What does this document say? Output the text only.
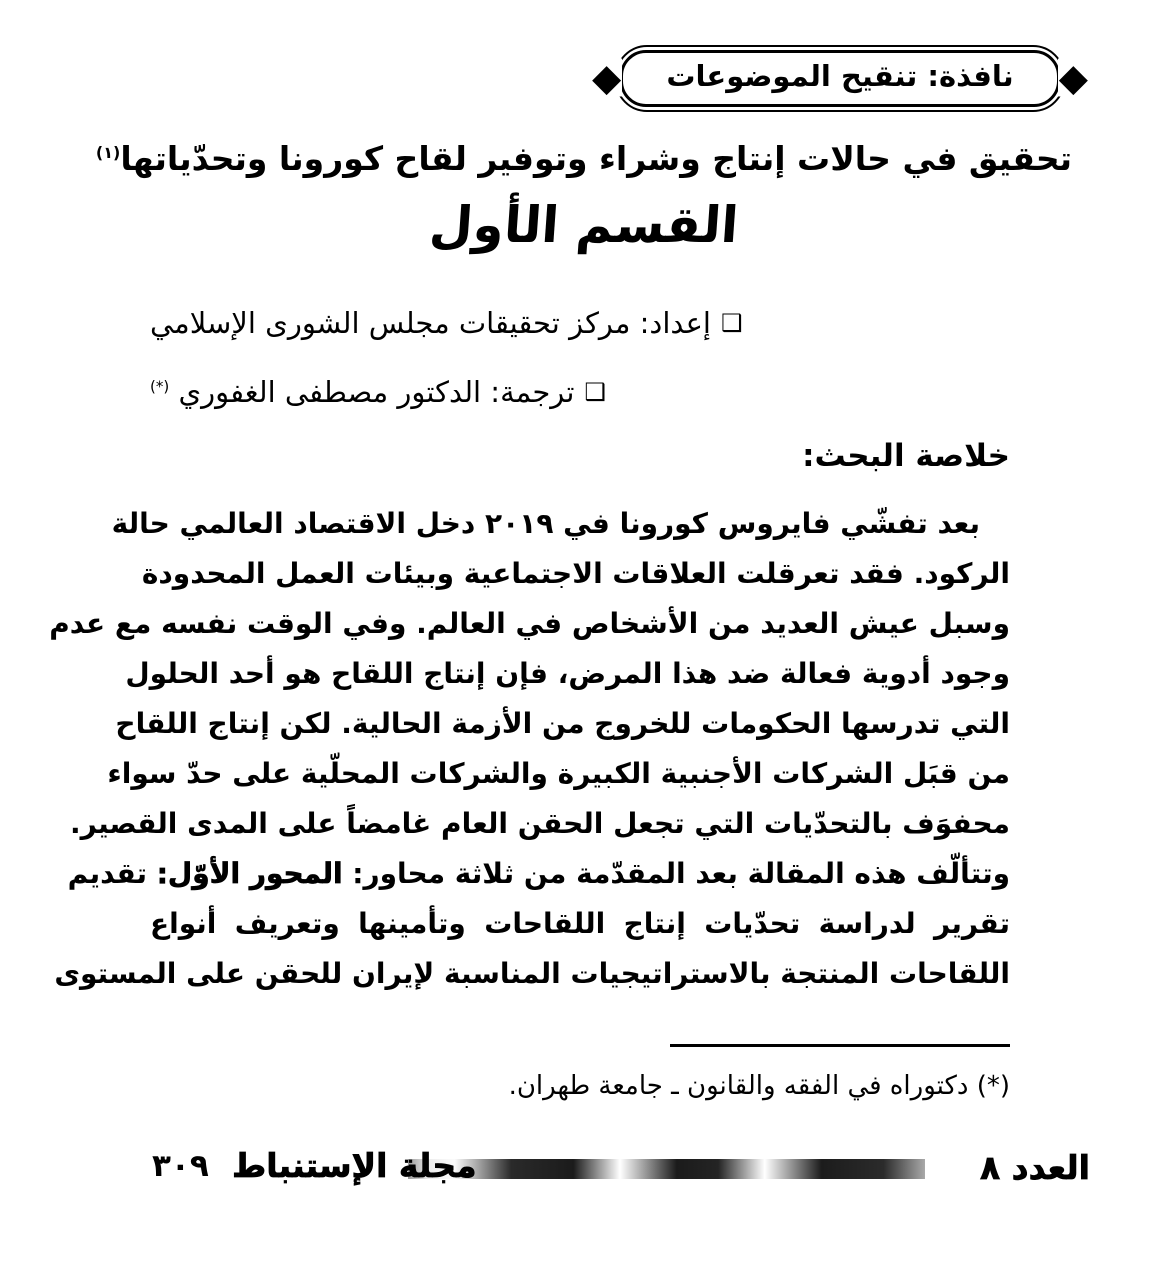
نافذة: تنقيح الموضوعات ◆
◆
تحقيق في حالات إنتاج وشراء وتوفير لقاح كورونا وتحدّياتها$^{(١)}$
القسم الأول
❑إعداد: مركز تحقيقات مجلس الشورى الإسلامي
❑ترجمة: الدكتور مصطفى الغفوري (*)
خلاصة البحث:
بعد تفشّي فايروس كورونا في ٢٠١٩ دخل الاقتصاد العالمي حالة
الركود. فقد تعرقلت العلاقات الاجتماعية وبيئات العمل المحدودة
وسبل عيش العديد من الأشخاص في العالم. وفي الوقت نفسه مع عدم
وجود أدوية فعالة ضد هذا المرض، فإن إنتاج اللقاح هو أحد الحلول
التي تدرسها الحكومات للخروج من الأزمة الحالية. لكن إنتاج اللقاح
من قبَل الشركات الأجنبية الكبيرة والشركات المحلّية على حدّ سواء
محفوَف بالتحدّيات التي تجعل الحقن العام غامضاً على المدى القصير.
وتتألّف هذه المقالة بعد المقدّمة من ثلاثة محاور: المحور الأوّل: تقديم
تقرير لدراسة تحدّيات إنتاج اللقاحات وتأمينها وتعريف أنواع
اللقاحات المنتجة بالاستراتيجيات المناسبة لإيران للحقن على المستوى
(*) دكتوراه في الفقه والقانون ـ جامعة طهران.
العدد ٨
مجلة الإستنباط
٣٠٩
